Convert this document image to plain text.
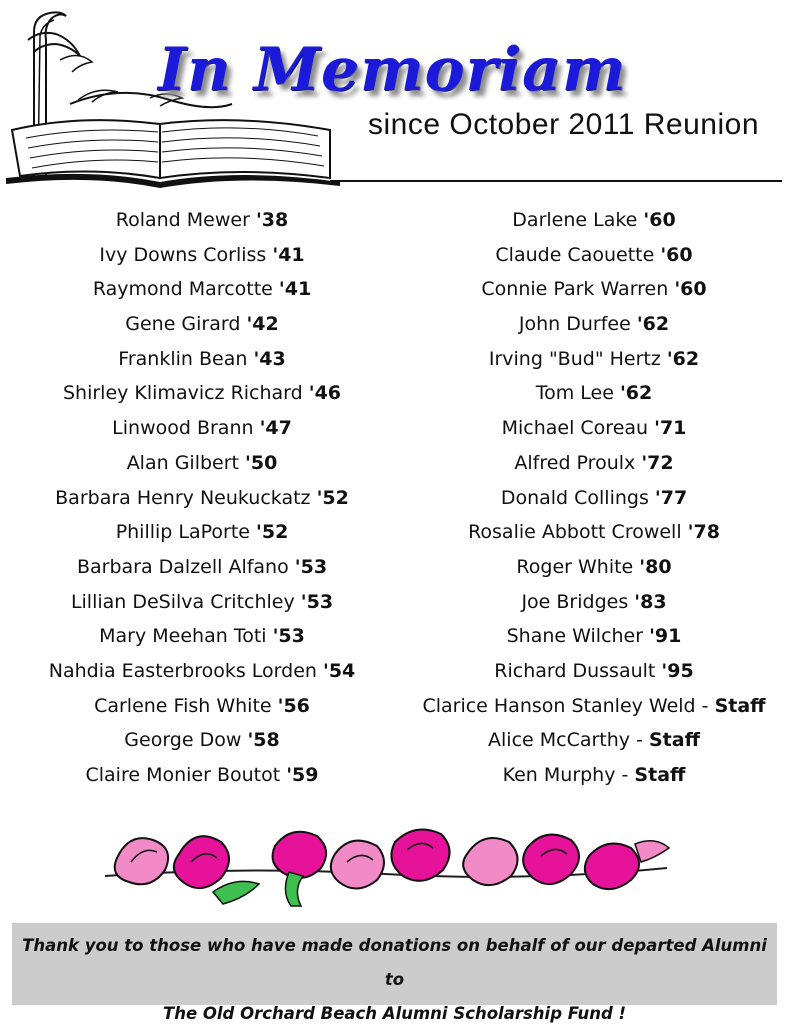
In Memoriam

since October 2011 Reunion

Roland Mewer '38
Ivy Downs Corliss '41
Raymond Marcotte '41
Gene Girard '42
Franklin Bean '43
Shirley Klimavicz Richard '46
Linwood Brann '47
Alan Gilbert '50
Barbara Henry Neukuckatz '52
Phillip LaPorte '52
Barbara Dalzell Alfano '53
Lillian DeSilva Critchley '53
Mary Meehan Toti '53
Nahdia Easterbrooks Lorden '54
Carlene Fish White '56
George Dow '58
Claire Monier Boutot '59
Darlene Lake '60
Claude Caouette '60
Connie Park Warren '60
John Durfee '62
Irving "Bud" Hertz '62
Tom Lee '62
Michael Coreau '71
Alfred Proulx '72
Donald Collings '77
Rosalie Abbott Crowell '78
Roger White '80
Joe Bridges '83
Shane Wilcher '91
Richard Dussault '95
Clarice Hanson Stanley Weld - Staff
Alice McCarthy - Staff
Ken Murphy - Staff

Thank you to those who have made donations on behalf of our departed Alumni to

The Old Orchard Beach Alumni Scholarship Fund !
